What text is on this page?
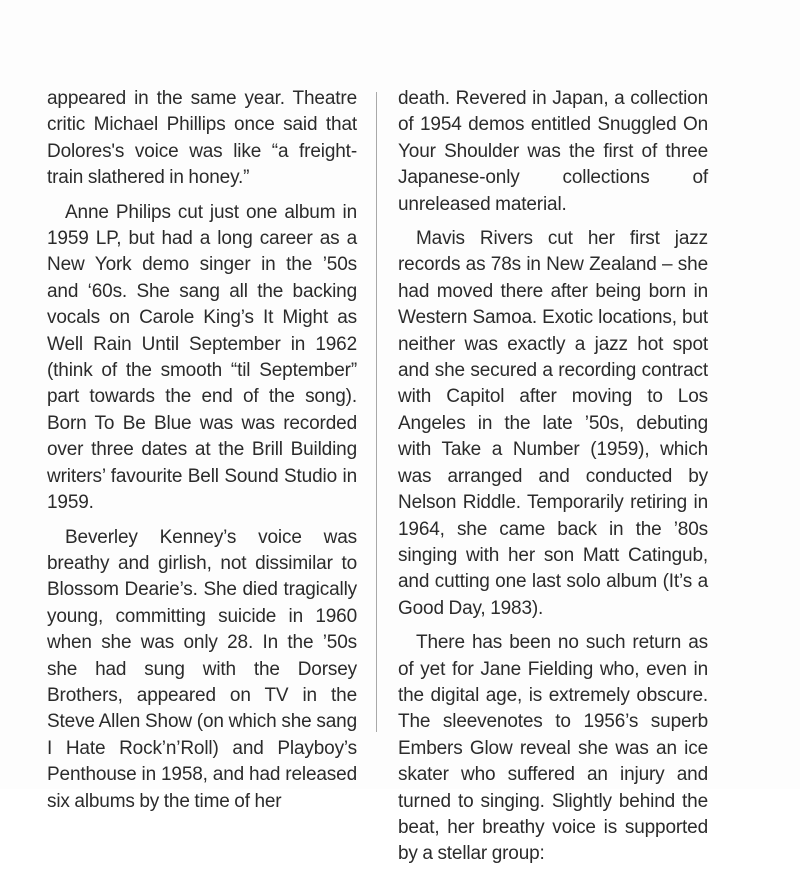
appeared in the same year. Theatre critic Michael Phillips once said that Dolores's voice was like “a freight-train slathered in honey.”

Anne Philips cut just one album in 1959 LP, but had a long career as a New York demo singer in the ’50s and ‘60s. She sang all the backing vocals on Carole King’s It Might as Well Rain Until September in 1962 (think of the smooth “til September” part towards the end of the song). Born To Be Blue was was recorded over three dates at the Brill Building writers’ favourite Bell Sound Studio in 1959.

Beverley Kenney’s voice was breathy and girlish, not dissimilar to Blossom Dearie’s. She died tragically young, committing suicide in 1960 when she was only 28. In the ’50s she had sung with the Dorsey Brothers, appeared on TV in the Steve Allen Show (on which she sang I Hate Rock’n’Roll) and Playboy’s Penthouse in 1958, and had released six albums by the time of her

death. Revered in Japan, a collection of 1954 demos entitled Snuggled On Your Shoulder was the first of three Japanese-only collections of unreleased material.

Mavis Rivers cut her first jazz records as 78s in New Zealand – she had moved there after being born in Western Samoa. Exotic locations, but neither was exactly a jazz hot spot and she secured a recording contract with Capitol after moving to Los Angeles in the late ’50s, debuting with Take a Number (1959), which was arranged and conducted by Nelson Riddle. Temporarily retiring in 1964, she came back in the ’80s singing with her son Matt Catingub, and cutting one last solo album (It’s a Good Day, 1983).

There has been no such return as of yet for Jane Fielding who, even in the digital age, is extremely obscure. The sleevenotes to 1956’s superb Embers Glow reveal she was an ice skater who suffered an injury and turned to singing. Slightly behind the beat, her breathy voice is supported by a stellar group:
